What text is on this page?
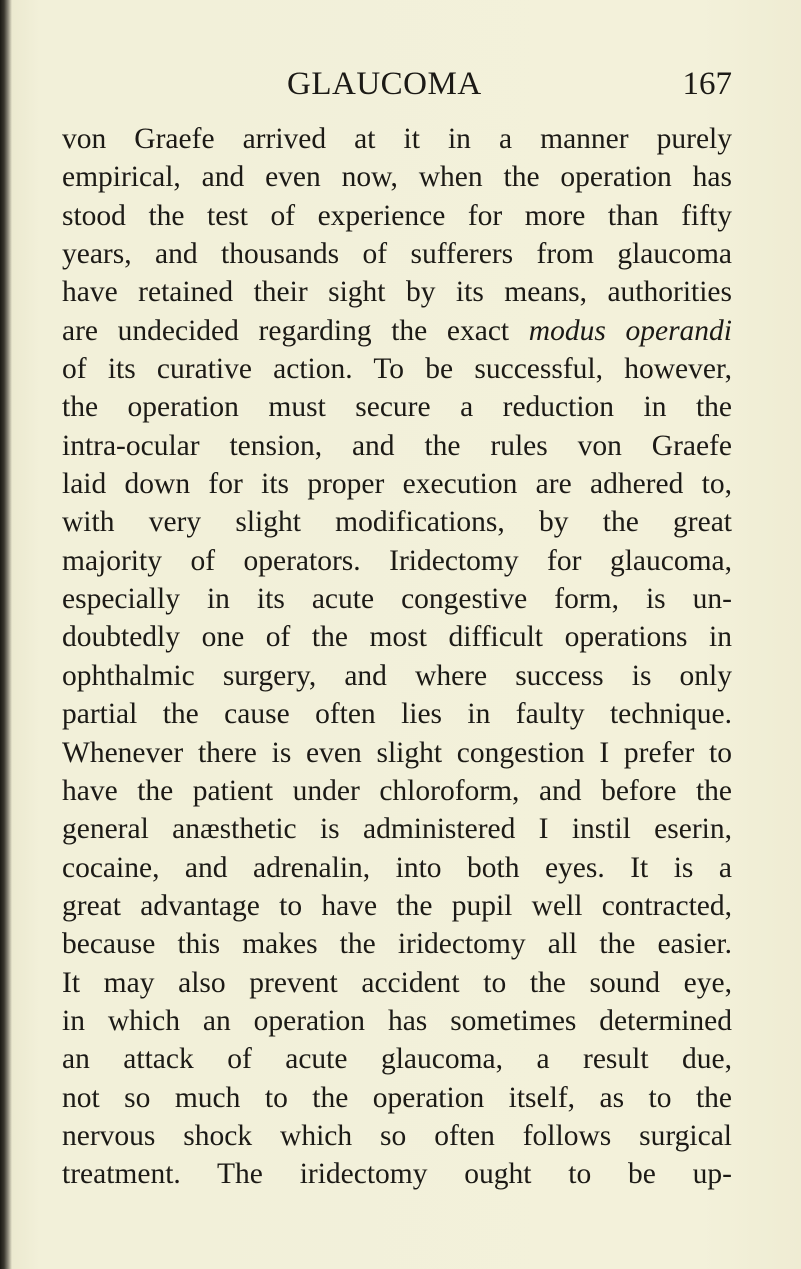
GLAUCOMA	167
von Graefe arrived at it in a manner purely
empirical, and even now, when the operation has
stood the test of experience for more than fifty
years, and thousands of sufferers from glaucoma
have retained their sight by its means, authorities
are undecided regarding the exact modus operandi
of its curative action. To be successful, however,
the operation must secure a reduction in the
intra-ocular tension, and the rules von Graefe
laid down for its proper execution are adhered to,
with very slight modifications, by the great
majority of operators. Iridectomy for glaucoma,
especially in its acute congestive form, is un-
doubtedly one of the most difficult operations in
ophthalmic surgery, and where success is only
partial the cause often lies in faulty technique.
Whenever there is even slight congestion I prefer to
have the patient under chloroform, and before the
general anæsthetic is administered I instil eserin,
cocaine, and adrenalin, into both eyes. It is a
great advantage to have the pupil well contracted,
because this makes the iridectomy all the easier.
It may also prevent accident to the sound eye,
in which an operation has sometimes determined
an attack of acute glaucoma, a result due,
not so much to the operation itself, as to the
nervous shock which so often follows surgical
treatment. The iridectomy ought to be up-
